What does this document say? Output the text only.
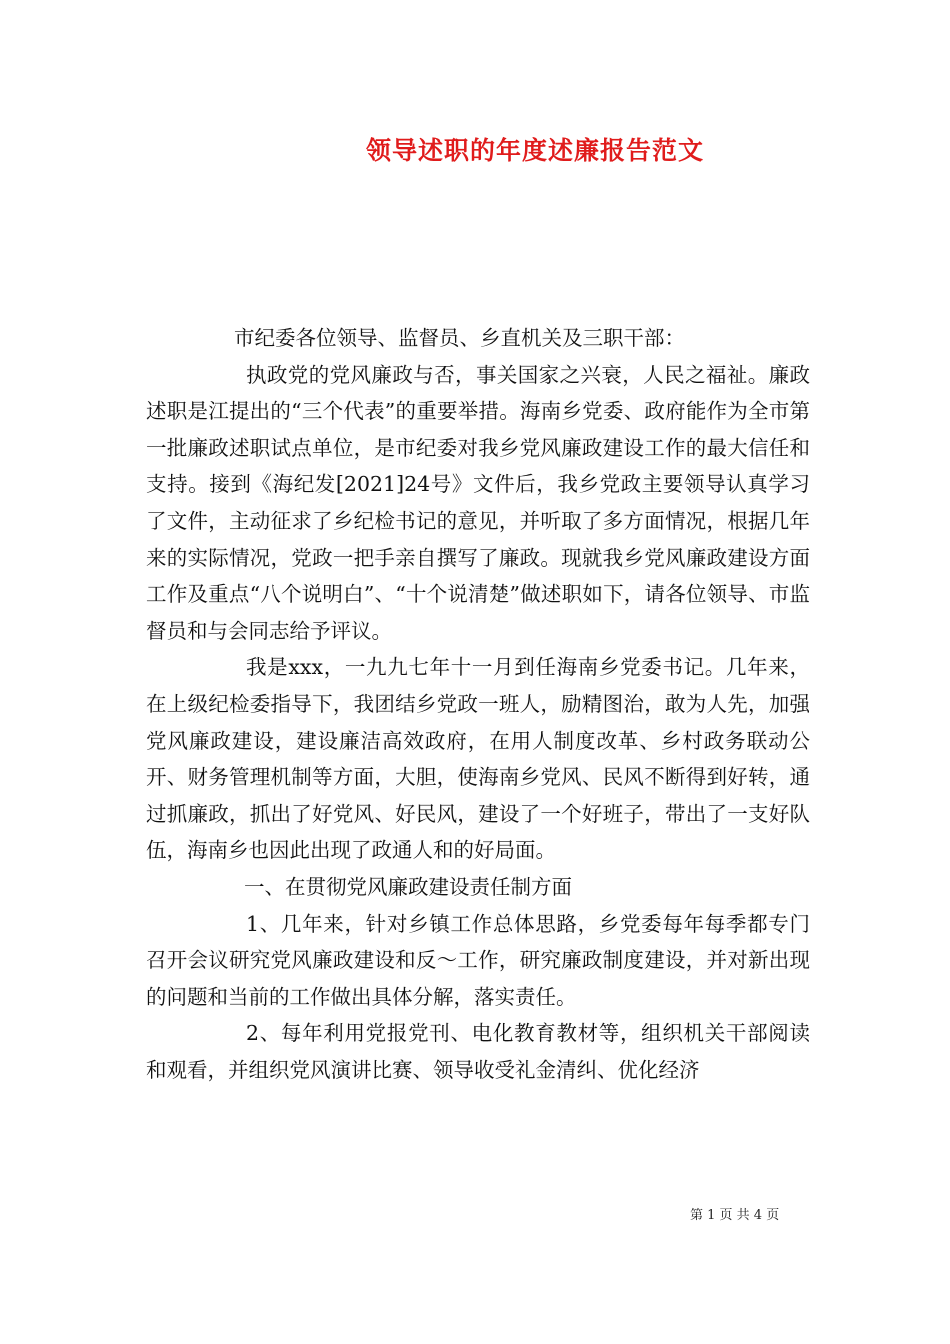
领导述职的年度述廉报告范文

市纪委各位领导、监督员、乡直机关及三职干部：

执政党的党风廉政与否，事关国家之兴衰，人民之福祉。廉政述职是江提出的“三个代表”的重要举措。海南乡党委、政府能作为全市第一批廉政述职试点单位，是市纪委对我乡党风廉政建设工作的最大信任和支持。接到《海纪发[2021]24号》文件后，我乡党政主要领导认真学习了文件，主动征求了乡纪检书记的意见，并听取了多方面情况，根据几年来的实际情况，党政一把手亲自撰写了廉政。现就我乡党风廉政建设方面工作及重点“八个说明白”、“十个说清楚”做述职如下，请各位领导、市监督员和与会同志给予评议。

我是xxx，一九九七年十一月到任海南乡党委书记。几年来，在上级纪检委指导下，我团结乡党政一班人，励精图治，敢为人先，加强党风廉政建设，建设廉洁高效政府，在用人制度改革、乡村政务联动公开、财务管理机制等方面，大胆，使海南乡党风、民风不断得到好转，通过抓廉政，抓出了好党风、好民风，建设了一个好班子，带出了一支好队伍，海南乡也因此出现了政通人和的好局面。

一、在贯彻党风廉政建设责任制方面

1、几年来，针对乡镇工作总体思路，乡党委每年每季都专门召开会议研究党风廉政建设和反～工作，研究廉政制度建设，并对新出现的问题和当前的工作做出具体分解，落实责任。

2、每年利用党报党刊、电化教育教材等，组织机关干部阅读和观看，并组织党风演讲比赛、领导收受礼金清纠、优化经济

第 1 页 共 4 页
